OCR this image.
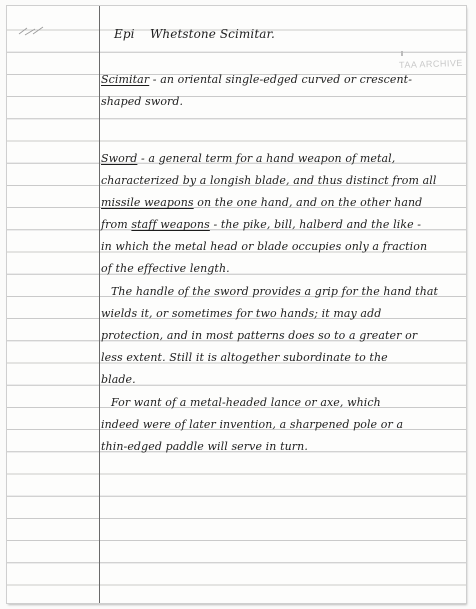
TAA ARCHIVE
Epi Whetstone Scimitar.
Scimitar - an oriental single-edged curved or crescent-
shaped sword.
Sword - a general term for a hand weapon of metal,
characterized by a longish blade, and thus distinct from all
missile weapons on the one hand, and on the other hand
from staff weapons - the pike, bill, halberd and the like -
in which the metal head or blade occupies only a fraction
of the effective length.
The handle of the sword provides a grip for the hand that
wields it, or sometimes for two hands; it may add
protection, and in most patterns does so to a greater or
less extent. Still it is altogether subordinate to the
blade.
For want of a metal-headed lance or axe, which
indeed were of later invention, a sharpened pole or a
thin-edged paddle will serve in turn.
